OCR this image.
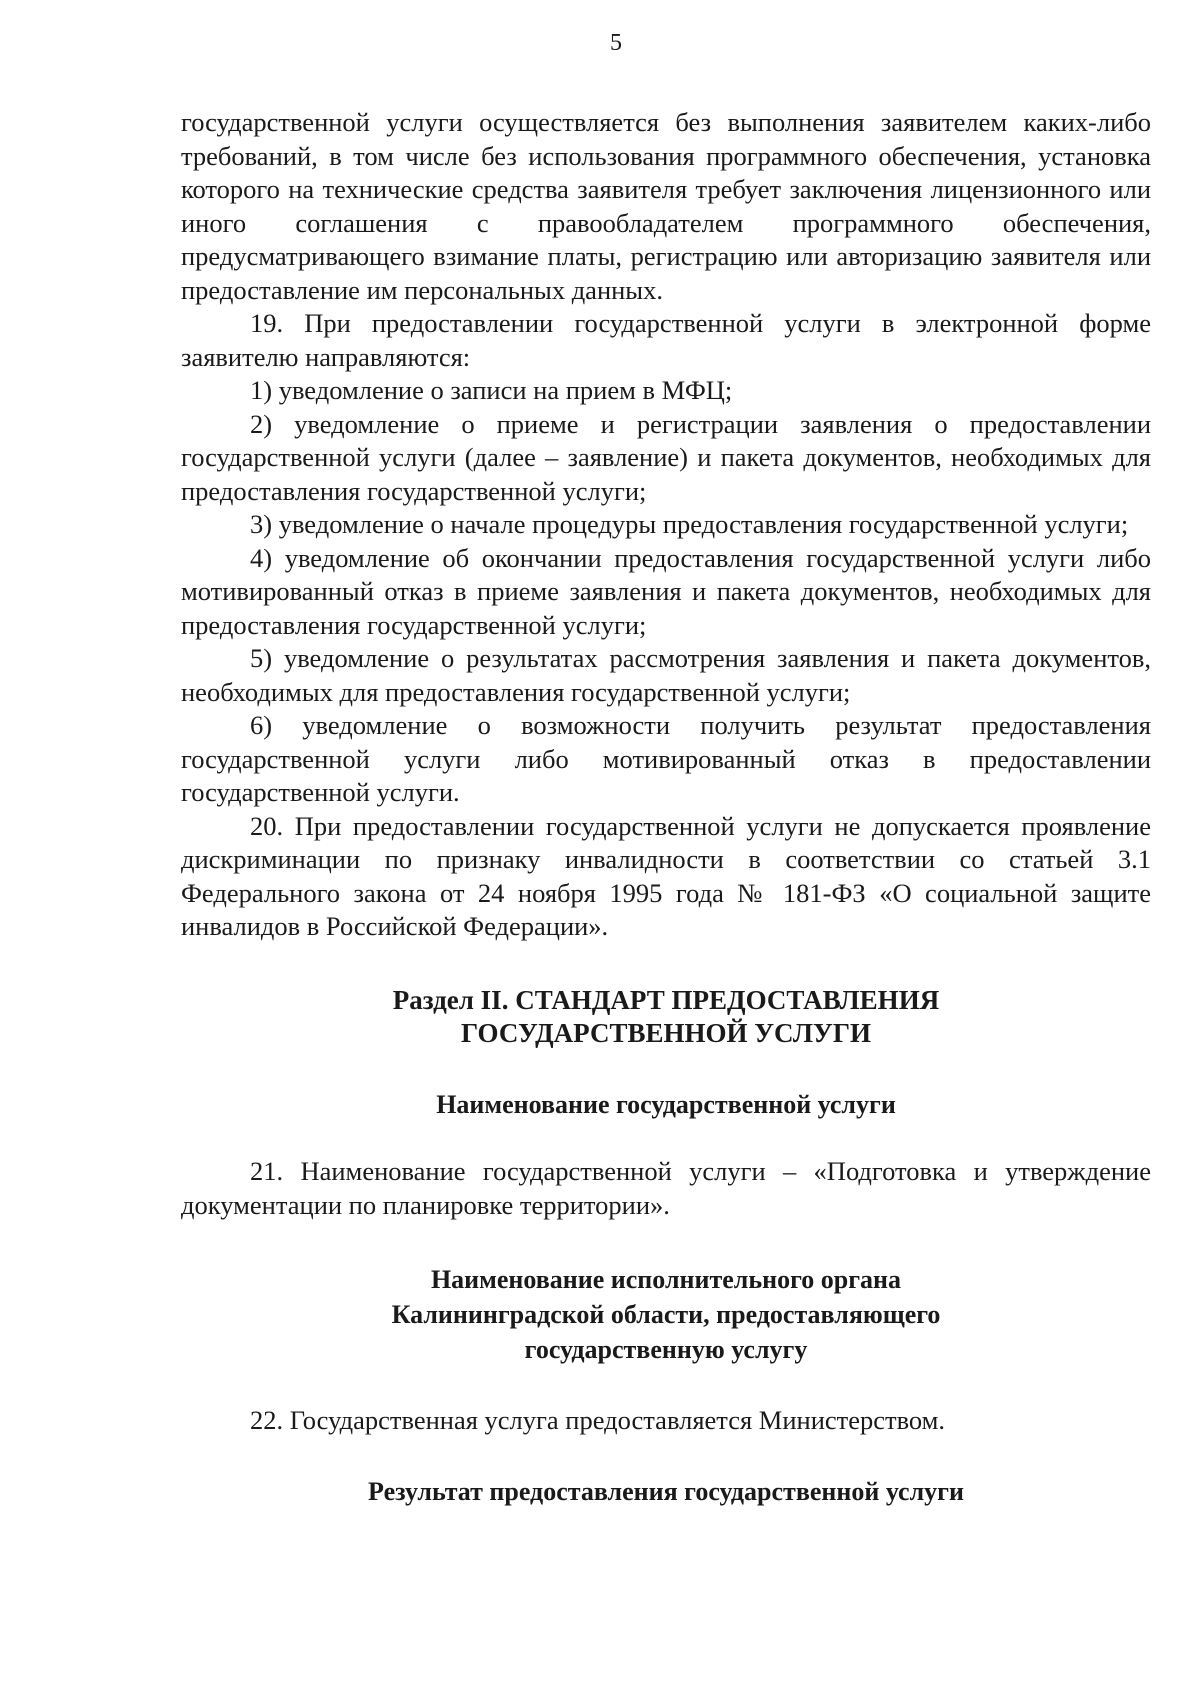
5

государственной услуги осуществляется без выполнения заявителем каких-либо требований, в том числе без использования программного обеспечения, установка которого на технические средства заявителя требует заключения лицензионного или иного соглашения с правообладателем программного обеспечения, предусматривающего взимание платы, регистрацию или авторизацию заявителя или предоставление им персональных данных.

19. При предоставлении государственной услуги в электронной форме заявителю направляются:

1) уведомление о записи на прием в МФЦ;

2) уведомление о приеме и регистрации заявления о предоставлении государственной услуги (далее – заявление) и пакета документов, необходимых для предоставления государственной услуги;

3) уведомление о начале процедуры предоставления государственной услуги;

4) уведомление об окончании предоставления государственной услуги либо мотивированный отказ в приеме заявления и пакета документов, необходимых для предоставления государственной услуги;

5) уведомление о результатах рассмотрения заявления и пакета документов, необходимых для предоставления государственной услуги;

6) уведомление о возможности получить результат предоставления государственной услуги либо мотивированный отказ в предоставлении государственной услуги.

20. При предоставлении государственной услуги не допускается проявление дискриминации по признаку инвалидности в соответствии со статьей 3.1 Федерального закона от 24 ноября 1995 года № 181-ФЗ «О социальной защите инвалидов в Российской Федерации».

Раздел II. СТАНДАРТ ПРЕДОСТАВЛЕНИЯ
ГОСУДАРСТВЕННОЙ УСЛУГИ
Наименование государственной услуги

21. Наименование государственной услуги – «Подготовка и утверждение документации по планировке территории».

Наименование исполнительного органа
Калининградской области, предоставляющего
государственную услугу

22. Государственная услуга предоставляется Министерством.

Результат предоставления государственной услуги
